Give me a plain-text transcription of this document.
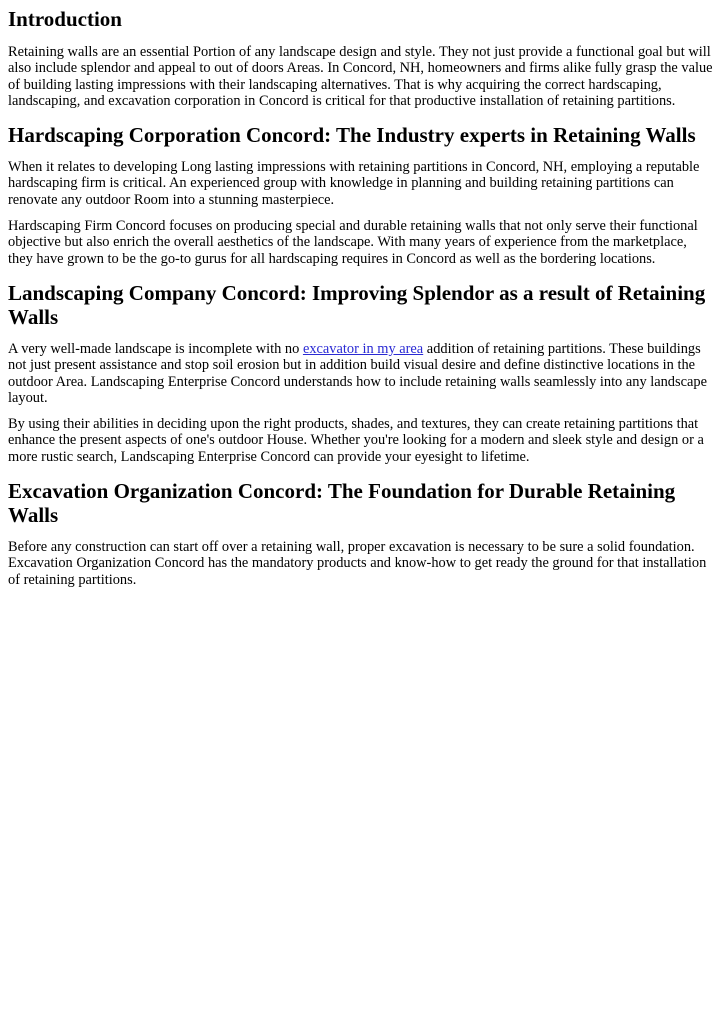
Introduction

Retaining walls are an essential Portion of any landscape design and style. They not just provide a functional goal but will also include splendor and appeal to out of doors Areas. In Concord, NH, homeowners and firms alike fully grasp the value of building lasting impressions with their landscaping alternatives. That is why acquiring the correct hardscaping, landscaping, and excavation corporation in Concord is critical for that productive installation of retaining partitions.

Hardscaping Corporation Concord: The Industry experts in Retaining Walls

When it relates to developing Long lasting impressions with retaining partitions in Concord, NH, employing a reputable hardscaping firm is critical. An experienced group with knowledge in planning and building retaining partitions can renovate any outdoor Room into a stunning masterpiece.

Hardscaping Firm Concord focuses on producing special and durable retaining walls that not only serve their functional objective but also enrich the overall aesthetics of the landscape. With many years of experience from the marketplace, they have grown to be the go-to gurus for all hardscaping requires in Concord as well as the bordering locations.

Landscaping Company Concord: Improving Splendor as a result of Retaining Walls

A very well-made landscape is incomplete with no excavator in my area addition of retaining partitions. These buildings not just present assistance and stop soil erosion but in addition build visual desire and define distinctive locations in the outdoor Area. Landscaping Enterprise Concord understands how to include retaining walls seamlessly into any landscape layout.

By using their abilities in deciding upon the right products, shades, and textures, they can create retaining partitions that enhance the present aspects of one's outdoor House. Whether you're looking for a modern and sleek style and design or a more rustic search, Landscaping Enterprise Concord can provide your eyesight to lifetime.

Excavation Organization Concord: The Foundation for Durable Retaining Walls

Before any construction can start off over a retaining wall, proper excavation is necessary to be sure a solid foundation. Excavation Organization Concord has the mandatory products and know-how to get ready the ground for that installation of retaining partitions.
